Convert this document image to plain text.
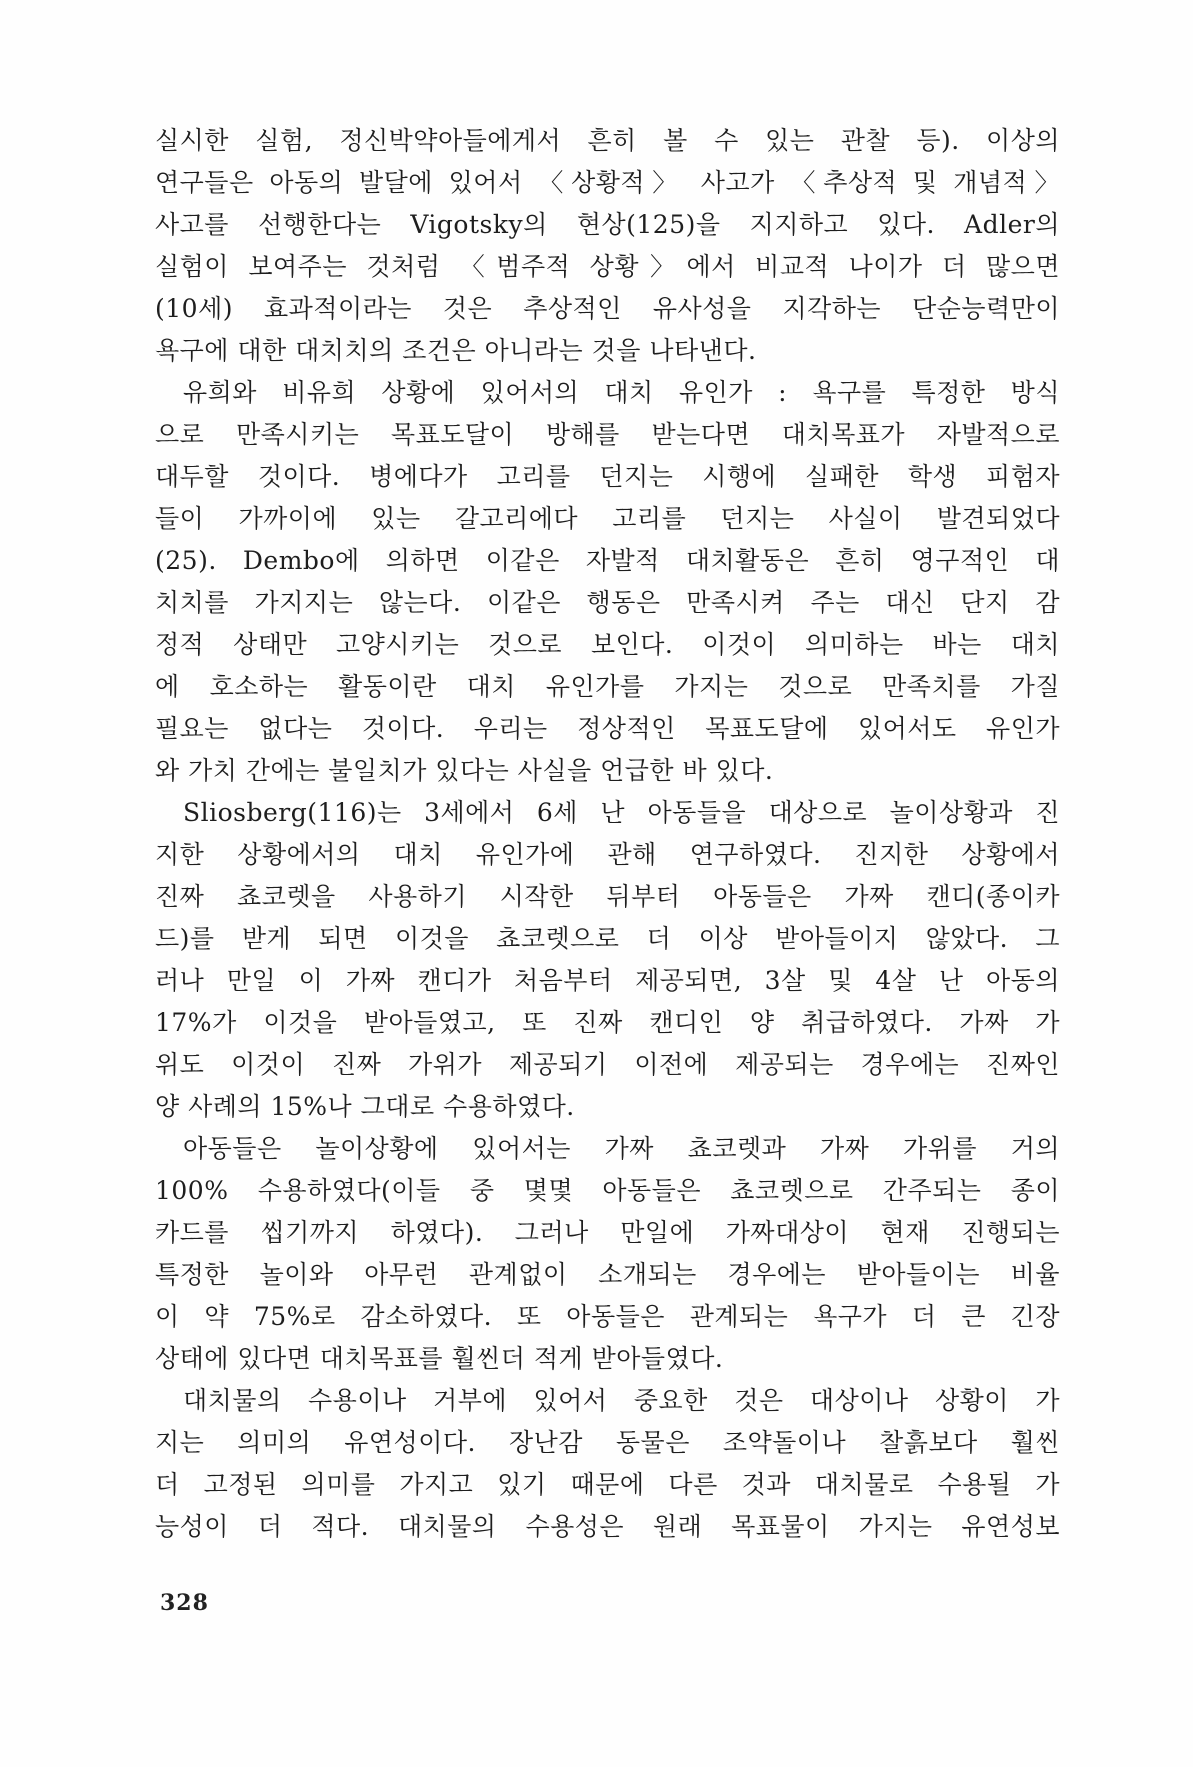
실시한 실험, 정신박약아들에게서 흔히 볼 수 있는 관찰 등). 이상의
연구들은 아동의 발달에 있어서 〈상황적〉 사고가 〈추상적 및 개념적〉
사고를 선행한다는 Vigotsky의 현상(125)을 지지하고 있다. Adler의
실험이 보여주는 것처럼 〈범주적 상황〉에서 비교적 나이가 더 많으면
(10세) 효과적이라는 것은 추상적인 유사성을 지각하는 단순능력만이
욕구에 대한 대치치의 조건은 아니라는 것을 나타낸다.
유희와 비유희 상황에 있어서의 대치 유인가 : 욕구를 특정한 방식
으로 만족시키는 목표도달이 방해를 받는다면 대치목표가 자발적으로
대두할 것이다. 병에다가 고리를 던지는 시행에 실패한 학생 피험자
들이 가까이에 있는 갈고리에다 고리를 던지는 사실이 발견되었다
(25). Dembo에 의하면 이같은 자발적 대치활동은 흔히 영구적인 대
치치를 가지지는 않는다. 이같은 행동은 만족시켜 주는 대신 단지 감
정적 상태만 고양시키는 것으로 보인다. 이것이 의미하는 바는 대치
에 호소하는 활동이란 대치 유인가를 가지는 것으로 만족치를 가질
필요는 없다는 것이다. 우리는 정상적인 목표도달에 있어서도 유인가
와 가치 간에는 불일치가 있다는 사실을 언급한 바 있다.
Sliosberg(116)는 3세에서 6세 난 아동들을 대상으로 놀이상황과 진
지한 상황에서의 대치 유인가에 관해 연구하였다. 진지한 상황에서
진짜 쵸코렛을 사용하기 시작한 뒤부터 아동들은 가짜 캔디(종이카
드)를 받게 되면 이것을 쵸코렛으로 더 이상 받아들이지 않았다. 그
러나 만일 이 가짜 캔디가 처음부터 제공되면, 3살 및 4살 난 아동의
17%가 이것을 받아들였고, 또 진짜 캔디인 양 취급하였다. 가짜 가
위도 이것이 진짜 가위가 제공되기 이전에 제공되는 경우에는 진짜인
양 사례의 15%나 그대로 수용하였다.
아동들은 놀이상황에 있어서는 가짜 쵸코렛과 가짜 가위를 거의
100% 수용하였다(이들 중 몇몇 아동들은 쵸코렛으로 간주되는 종이
카드를 씹기까지 하였다). 그러나 만일에 가짜대상이 현재 진행되는
특정한 놀이와 아무런 관계없이 소개되는 경우에는 받아들이는 비율
이 약 75%로 감소하였다. 또 아동들은 관계되는 욕구가 더 큰 긴장
상태에 있다면 대치목표를 훨씬더 적게 받아들였다.
대치물의 수용이나 거부에 있어서 중요한 것은 대상이나 상황이 가
지는 의미의 유연성이다. 장난감 동물은 조약돌이나 찰흙보다 훨씬
더 고정된 의미를 가지고 있기 때문에 다른 것과 대치물로 수용될 가
능성이 더 적다. 대치물의 수용성은 원래 목표물이 가지는 유연성보
328
